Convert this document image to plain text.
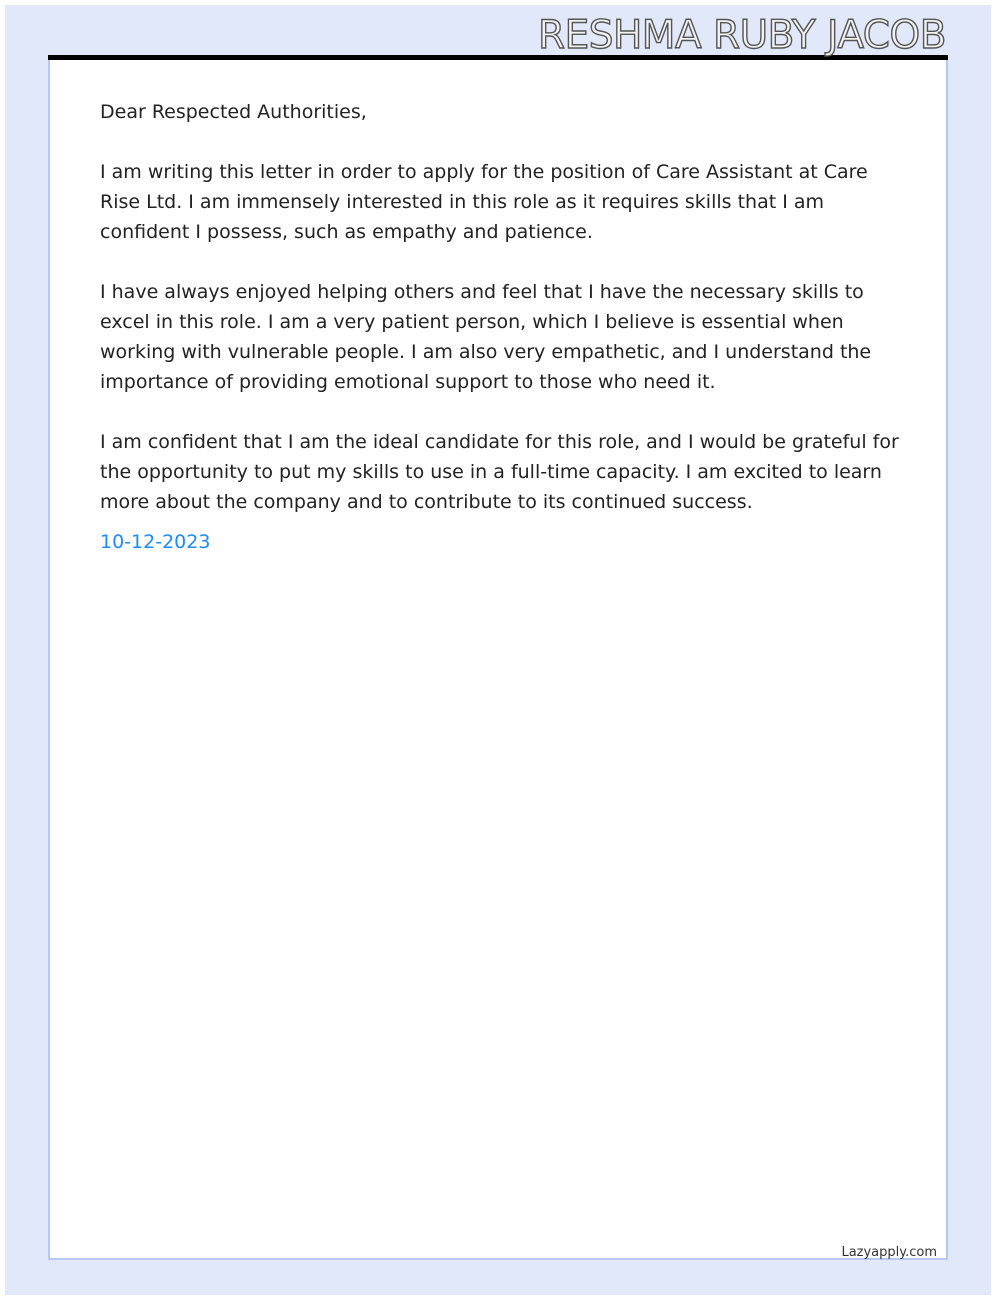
RESHMA RUBY JACOB

Dear Respected Authorities,

I am writing this letter in order to apply for the position of Care Assistant at Care Rise Ltd. I am immensely interested in this role as it requires skills that I am confident I possess, such as empathy and patience.

I have always enjoyed helping others and feel that I have the necessary skills to excel in this role. I am a very patient person, which I believe is essential when working with vulnerable people. I am also very empathetic, and I understand the importance of providing emotional support to those who need it.

I am confident that I am the ideal candidate for this role, and I would be grateful for the opportunity to put my skills to use in a full-time capacity. I am excited to learn more about the company and to contribute to its continued success.

10-12-2023
Lazyapply.com
